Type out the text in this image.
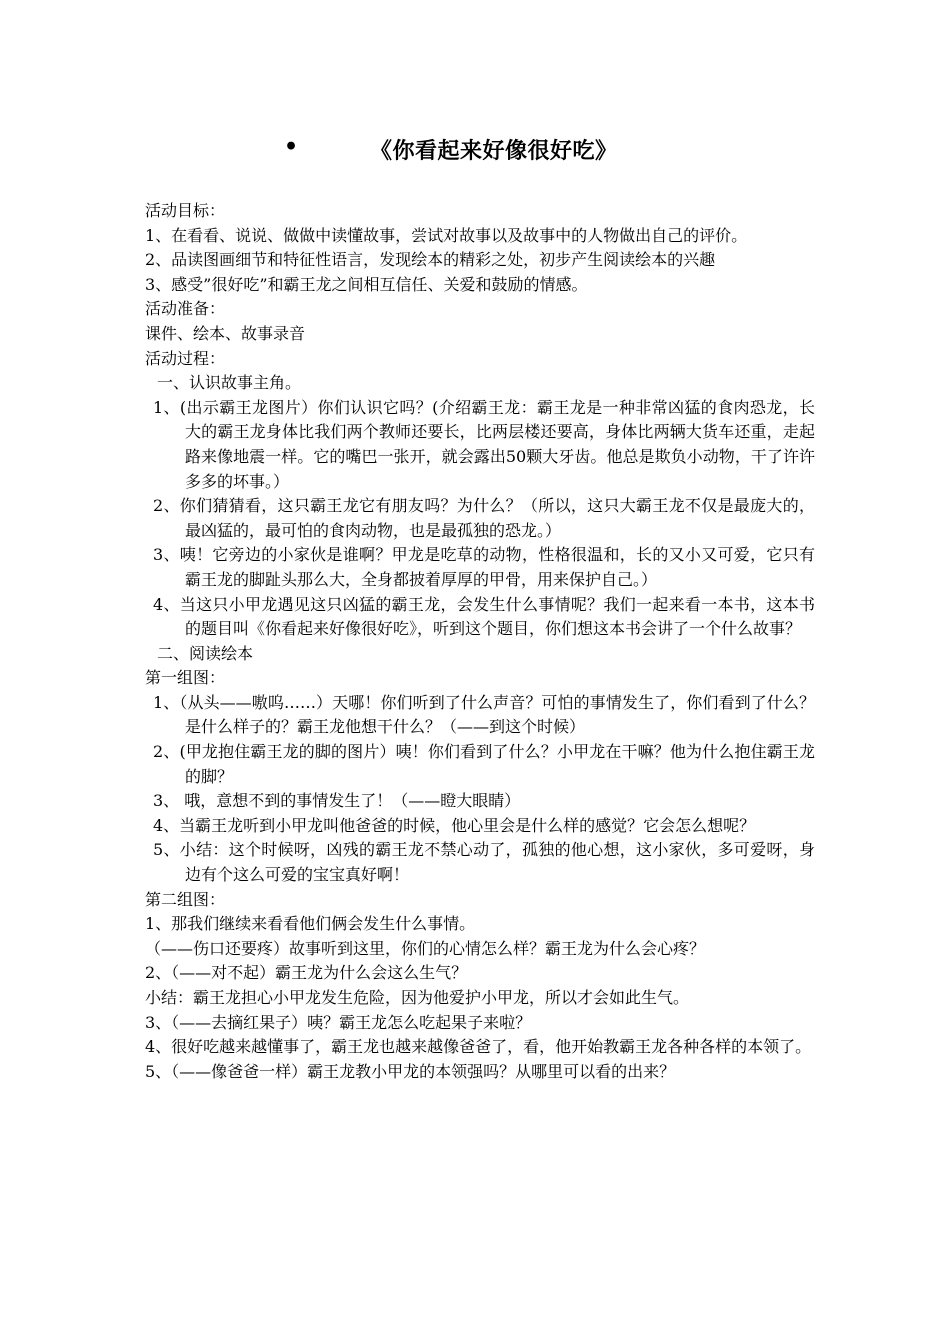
•	《你看起来好像很好吃》

活动目标：

1、在看看、说说、做做中读懂故事，尝试对故事以及故事中的人物做出自己的评价。

2、品读图画细节和特征性语言，发现绘本的精彩之处，初步产生阅读绘本的兴趣

3、感受”很好吃”和霸王龙之间相互信任、关爱和鼓励的情感。

活动准备：

课件、绘本、故事录音

活动过程：

一、认识故事主角。

1、(出示霸王龙图片）你们认识它吗？(介绍霸王龙：霸王龙是一种非常凶猛的食肉恐龙，长大的霸王龙身体比我们两个教师还要长，比两层楼还要高，身体比两辆大货车还重，走起路来像地震一样。它的嘴巴一张开，就会露出50颗大牙齿。他总是欺负小动物，干了许许多多的坏事。）

2、你们猜猜看，这只霸王龙它有朋友吗？为什么？（所以，这只大霸王龙不仅是最庞大的，最凶猛的，最可怕的食肉动物，也是最孤独的恐龙。）

3、咦！它旁边的小家伙是谁啊？甲龙是吃草的动物，性格很温和，长的又小又可爱，它只有霸王龙的脚趾头那么大，全身都披着厚厚的甲骨，用来保护自己。）

4、当这只小甲龙遇见这只凶猛的霸王龙，会发生什么事情呢？我们一起来看一本书，这本书的题目叫《你看起来好像很好吃》，听到这个题目，你们想这本书会讲了一个什么故事？

二、阅读绘本

第一组图：

1、（从头——嗷呜……）天哪！你们听到了什么声音？可怕的事情发生了，你们看到了什么？是什么样子的？霸王龙他想干什么？（——到这个时候）

2、(甲龙抱住霸王龙的脚的图片）咦！你们看到了什么？小甲龙在干嘛？他为什么抱住霸王龙的脚？

3、 哦，意想不到的事情发生了！（——瞪大眼睛）

4、当霸王龙听到小甲龙叫他爸爸的时候，他心里会是什么样的感觉？它会怎么想呢？

5、小结：这个时候呀，凶残的霸王龙不禁心动了，孤独的他心想，这小家伙，多可爱呀，身边有个这么可爱的宝宝真好啊！

第二组图：

1、那我们继续来看看他们俩会发生什么事情。

（——伤口还要疼）故事听到这里，你们的心情怎么样？霸王龙为什么会心疼？

2、（——对不起）霸王龙为什么会这么生气？

小结：霸王龙担心小甲龙发生危险，因为他爱护小甲龙，所以才会如此生气。

3、（——去摘红果子）咦？霸王龙怎么吃起果子来啦？

4、很好吃越来越懂事了，霸王龙也越来越像爸爸了，看，他开始教霸王龙各种各样的本领了。

5、（——像爸爸一样）霸王龙教小甲龙的本领强吗？从哪里可以看的出来？
